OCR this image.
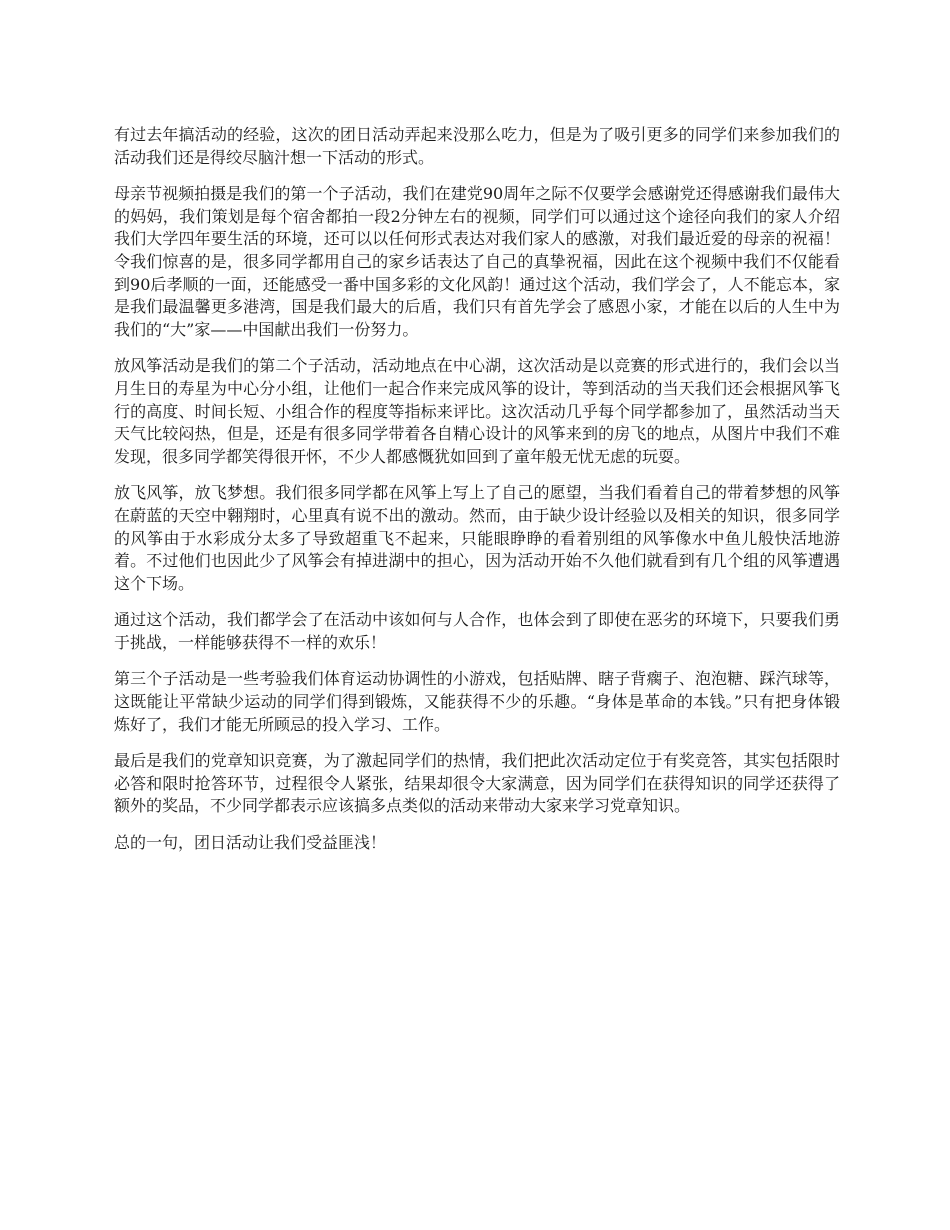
有过去年搞活动的经验，这次的团日活动弄起来没那么吃力，但是为了吸引更多的同学们来参加我们的活动我们还是得绞尽脑汁想一下活动的形式。

母亲节视频拍摄是我们的第一个子活动，我们在建党90周年之际不仅要学会感谢党还得感谢我们最伟大的妈妈，我们策划是每个宿舍都拍一段2分钟左右的视频，同学们可以通过这个途径向我们的家人介绍我们大学四年要生活的环境，还可以以任何形式表达对我们家人的感激，对我们最近爱的母亲的祝福！令我们惊喜的是，很多同学都用自己的家乡话表达了自己的真挚祝福，因此在这个视频中我们不仅能看到90后孝顺的一面，还能感受一番中国多彩的文化风韵！通过这个活动，我们学会了，人不能忘本，家是我们最温馨更多港湾，国是我们最大的后盾，我们只有首先学会了感恩小家，才能在以后的人生中为我们的“大”家——中国献出我们一份努力。

放风筝活动是我们的第二个子活动，活动地点在中心湖，这次活动是以竞赛的形式进行的，我们会以当月生日的寿星为中心分小组，让他们一起合作来完成风筝的设计，等到活动的当天我们还会根据风筝飞行的高度、时间长短、小组合作的程度等指标来评比。这次活动几乎每个同学都参加了，虽然活动当天天气比较闷热，但是，还是有很多同学带着各自精心设计的风筝来到的房飞的地点，从图片中我们不难发现，很多同学都笑得很开怀，不少人都感慨犹如回到了童年般无忧无虑的玩耍。

放飞风筝，放飞梦想。我们很多同学都在风筝上写上了自己的愿望，当我们看着自己的带着梦想的风筝在蔚蓝的天空中翱翔时，心里真有说不出的激动。然而，由于缺少设计经验以及相关的知识，很多同学的风筝由于水彩成分太多了导致超重飞不起来，只能眼睁睁的看着别组的风筝像水中鱼儿般快活地游着。不过他们也因此少了风筝会有掉进湖中的担心，因为活动开始不久他们就看到有几个组的风筝遭遇这个下场。

通过这个活动，我们都学会了在活动中该如何与人合作，也体会到了即使在恶劣的环境下，只要我们勇于挑战，一样能够获得不一样的欢乐！

第三个子活动是一些考验我们体育运动协调性的小游戏，包括贴牌、瞎子背瘸子、泡泡糖、踩汽球等，这既能让平常缺少运动的同学们得到锻炼，又能获得不少的乐趣。“身体是革命的本钱。”只有把身体锻炼好了，我们才能无所顾忌的投入学习、工作。

最后是我们的党章知识竞赛，为了激起同学们的热情，我们把此次活动定位于有奖竞答，其实包括限时必答和限时抢答环节，过程很令人紧张，结果却很令大家满意，因为同学们在获得知识的同学还获得了额外的奖品，不少同学都表示应该搞多点类似的活动来带动大家来学习党章知识。

总的一句，团日活动让我们受益匪浅！
